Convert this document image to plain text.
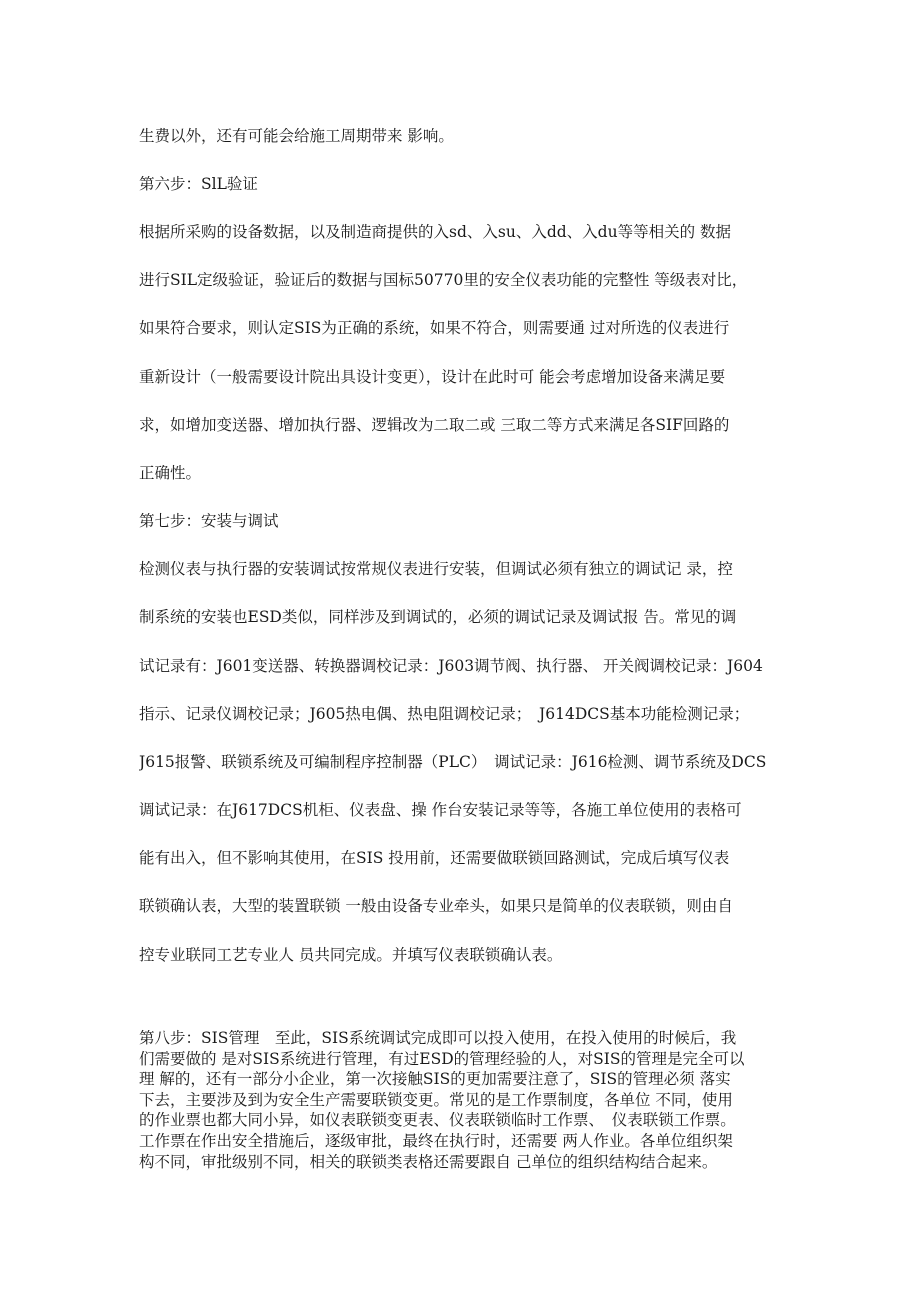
生费以外，还有可能会给施工周期带来 影响。
第六步：SlL验证
根据所采购的设备数据，以及制造商提供的入sd、入su、入dd、入du等等相关的 数据
进行SIL定级验证，验证后的数据与国标50770里的安全仪表功能的完整性 等级表对比，
如果符合要求，则认定SIS为正确的系统，如果不符合，则需要通 过对所选的仪表进行
重新设计（一般需要设计院出具设计变更），设计在此时可 能会考虑增加设备来满足要
求，如增加变送器、增加执行器、逻辑改为二取二或 三取二等方式来满足各SIF回路的
正确性。
第七步：安装与调试
检测仪表与执行器的安装调试按常规仪表进行安装，但调试必须有独立的调试记 录，控
制系统的安装也ESD类似，同样涉及到调试的，必须的调试记录及调试报 告。常见的调
试记录有：J601变送器、转换器调校记录：J603调节阀、执行器、 开关阀调校记录：J604
指示、记录仪调校记录；J605热电偶、热电阻调校记录；　J614DCS基本功能检测记录；
J615报警、联锁系统及可编制程序控制器（PLC）　调试记录：J616检测、调节系统及DCS
调试记录：在J617DCS机柜、仪表盘、操 作台安装记录等等，各施工单位使用的表格可
能有出入，但不影响其使用，在SIS 投用前，还需要做联锁回路测试，完成后填写仪表
联锁确认表，大型的装置联锁 一般由设备专业牵头，如果只是简单的仪表联锁，则由自
控专业联同工艺专业人 员共同完成。并填写仪表联锁确认表。
第八步：SIS管理　至此，SIS系统调试完成即可以投入使用，在投入使用的时候后，我
们需要做的 是对SIS系统进行管理，有过ESD的管理经验的人，对SIS的管理是完全可以
理 解的，还有一部分小企业，第一次接触SIS的更加需要注意了，SIS的管理必须 落实
下去，主要涉及到为安全生产需要联锁变更。常见的是工作票制度，各单位 不同，使用
的作业票也都大同小异，如仪表联锁变更表、仪表联锁临时工作票、　仪表联锁工作票。
工作票在作出安全措施后，逐级审批，最终在执行时，还需要 两人作业。各单位组织架
构不同，审批级别不同，相关的联锁类表格还需要跟自 己单位的组织结构结合起来。
